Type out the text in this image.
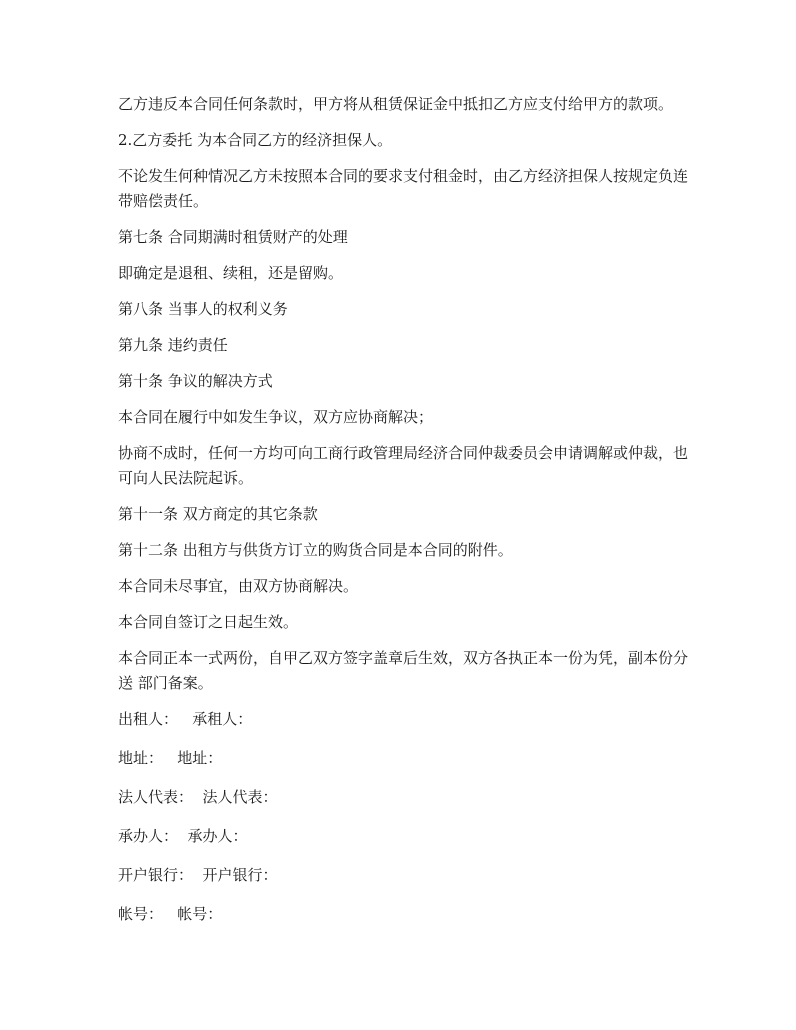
乙方违反本合同任何条款时，甲方将从租赁保证金中抵扣乙方应支付给甲方的款项。

2.乙方委托 为本合同乙方的经济担保人。

不论发生何种情况乙方未按照本合同的要求支付租金时，由乙方经济担保人按规定负连带赔偿责任。

第七条 合同期满时租赁财产的处理

即确定是退租、续租，还是留购。

第八条 当事人的权利义务

第九条 违约责任

第十条 争议的解决方式

本合同在履行中如发生争议，双方应协商解决；

协商不成时，任何一方均可向工商行政管理局经济合同仲裁委员会申请调解或仲裁，也可向人民法院起诉。

第十一条 双方商定的其它条款

第十二条 出租方与供货方订立的购货合同是本合同的附件。

本合同未尽事宜，由双方协商解决。

本合同自签订之日起生效。

本合同正本一式两份，自甲乙双方签字盖章后生效，双方各执正本一份为凭，副本份分送 部门备案。

出租人：   承租人：

地址：   地址：

法人代表：  法人代表：

承办人：  承办人：

开户银行：  开户银行：

帐号：   帐号：
